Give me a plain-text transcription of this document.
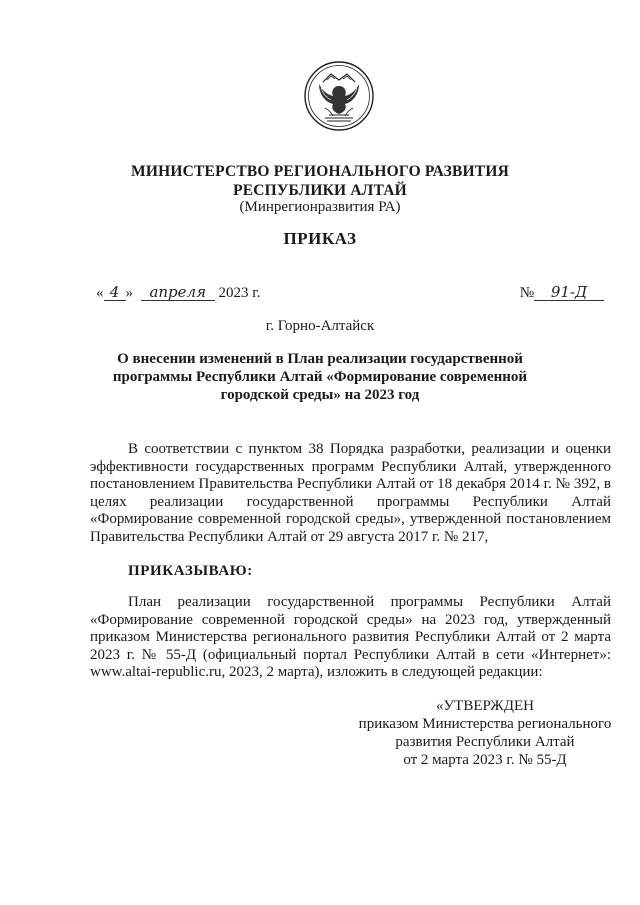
МИНИСТЕРСТВО РЕГИОНАЛЬНОГО РАЗВИТИЯ
РЕСПУБЛИКИ АЛТАЙ
(Минрегионразвития РА)
ПРИКАЗ
« 4 » апреля 2023 г.	№ 91-Д
г. Горно-Алтайск
О внесении изменений в План реализации государственной программы Республики Алтай «Формирование современной городской среды» на 2023 год
В соответствии с пунктом 38 Порядка разработки, реализации и оценки эффективности государственных программ Республики Алтай, утвержденного постановлением Правительства Республики Алтай от 18 декабря 2014 г. № 392, в целях реализации государственной программы Республики Алтай «Формирование современной городской среды», утвержденной постановлением Правительства Республики Алтай от 29 августа 2017 г. № 217,
ПРИКАЗЫВАЮ:
План реализации государственной программы Республики Алтай «Формирование современной городской среды» на 2023 год, утвержденный приказом Министерства регионального развития Республики Алтай от 2 марта 2023 г. № 55-Д (официальный портал Республики Алтай в сети «Интернет»: www.altai-republic.ru, 2023, 2 марта), изложить в следующей редакции:
«УТВЕРЖДЕН
приказом Министерства регионального
развития Республики Алтай
от 2 марта 2023 г. № 55-Д
